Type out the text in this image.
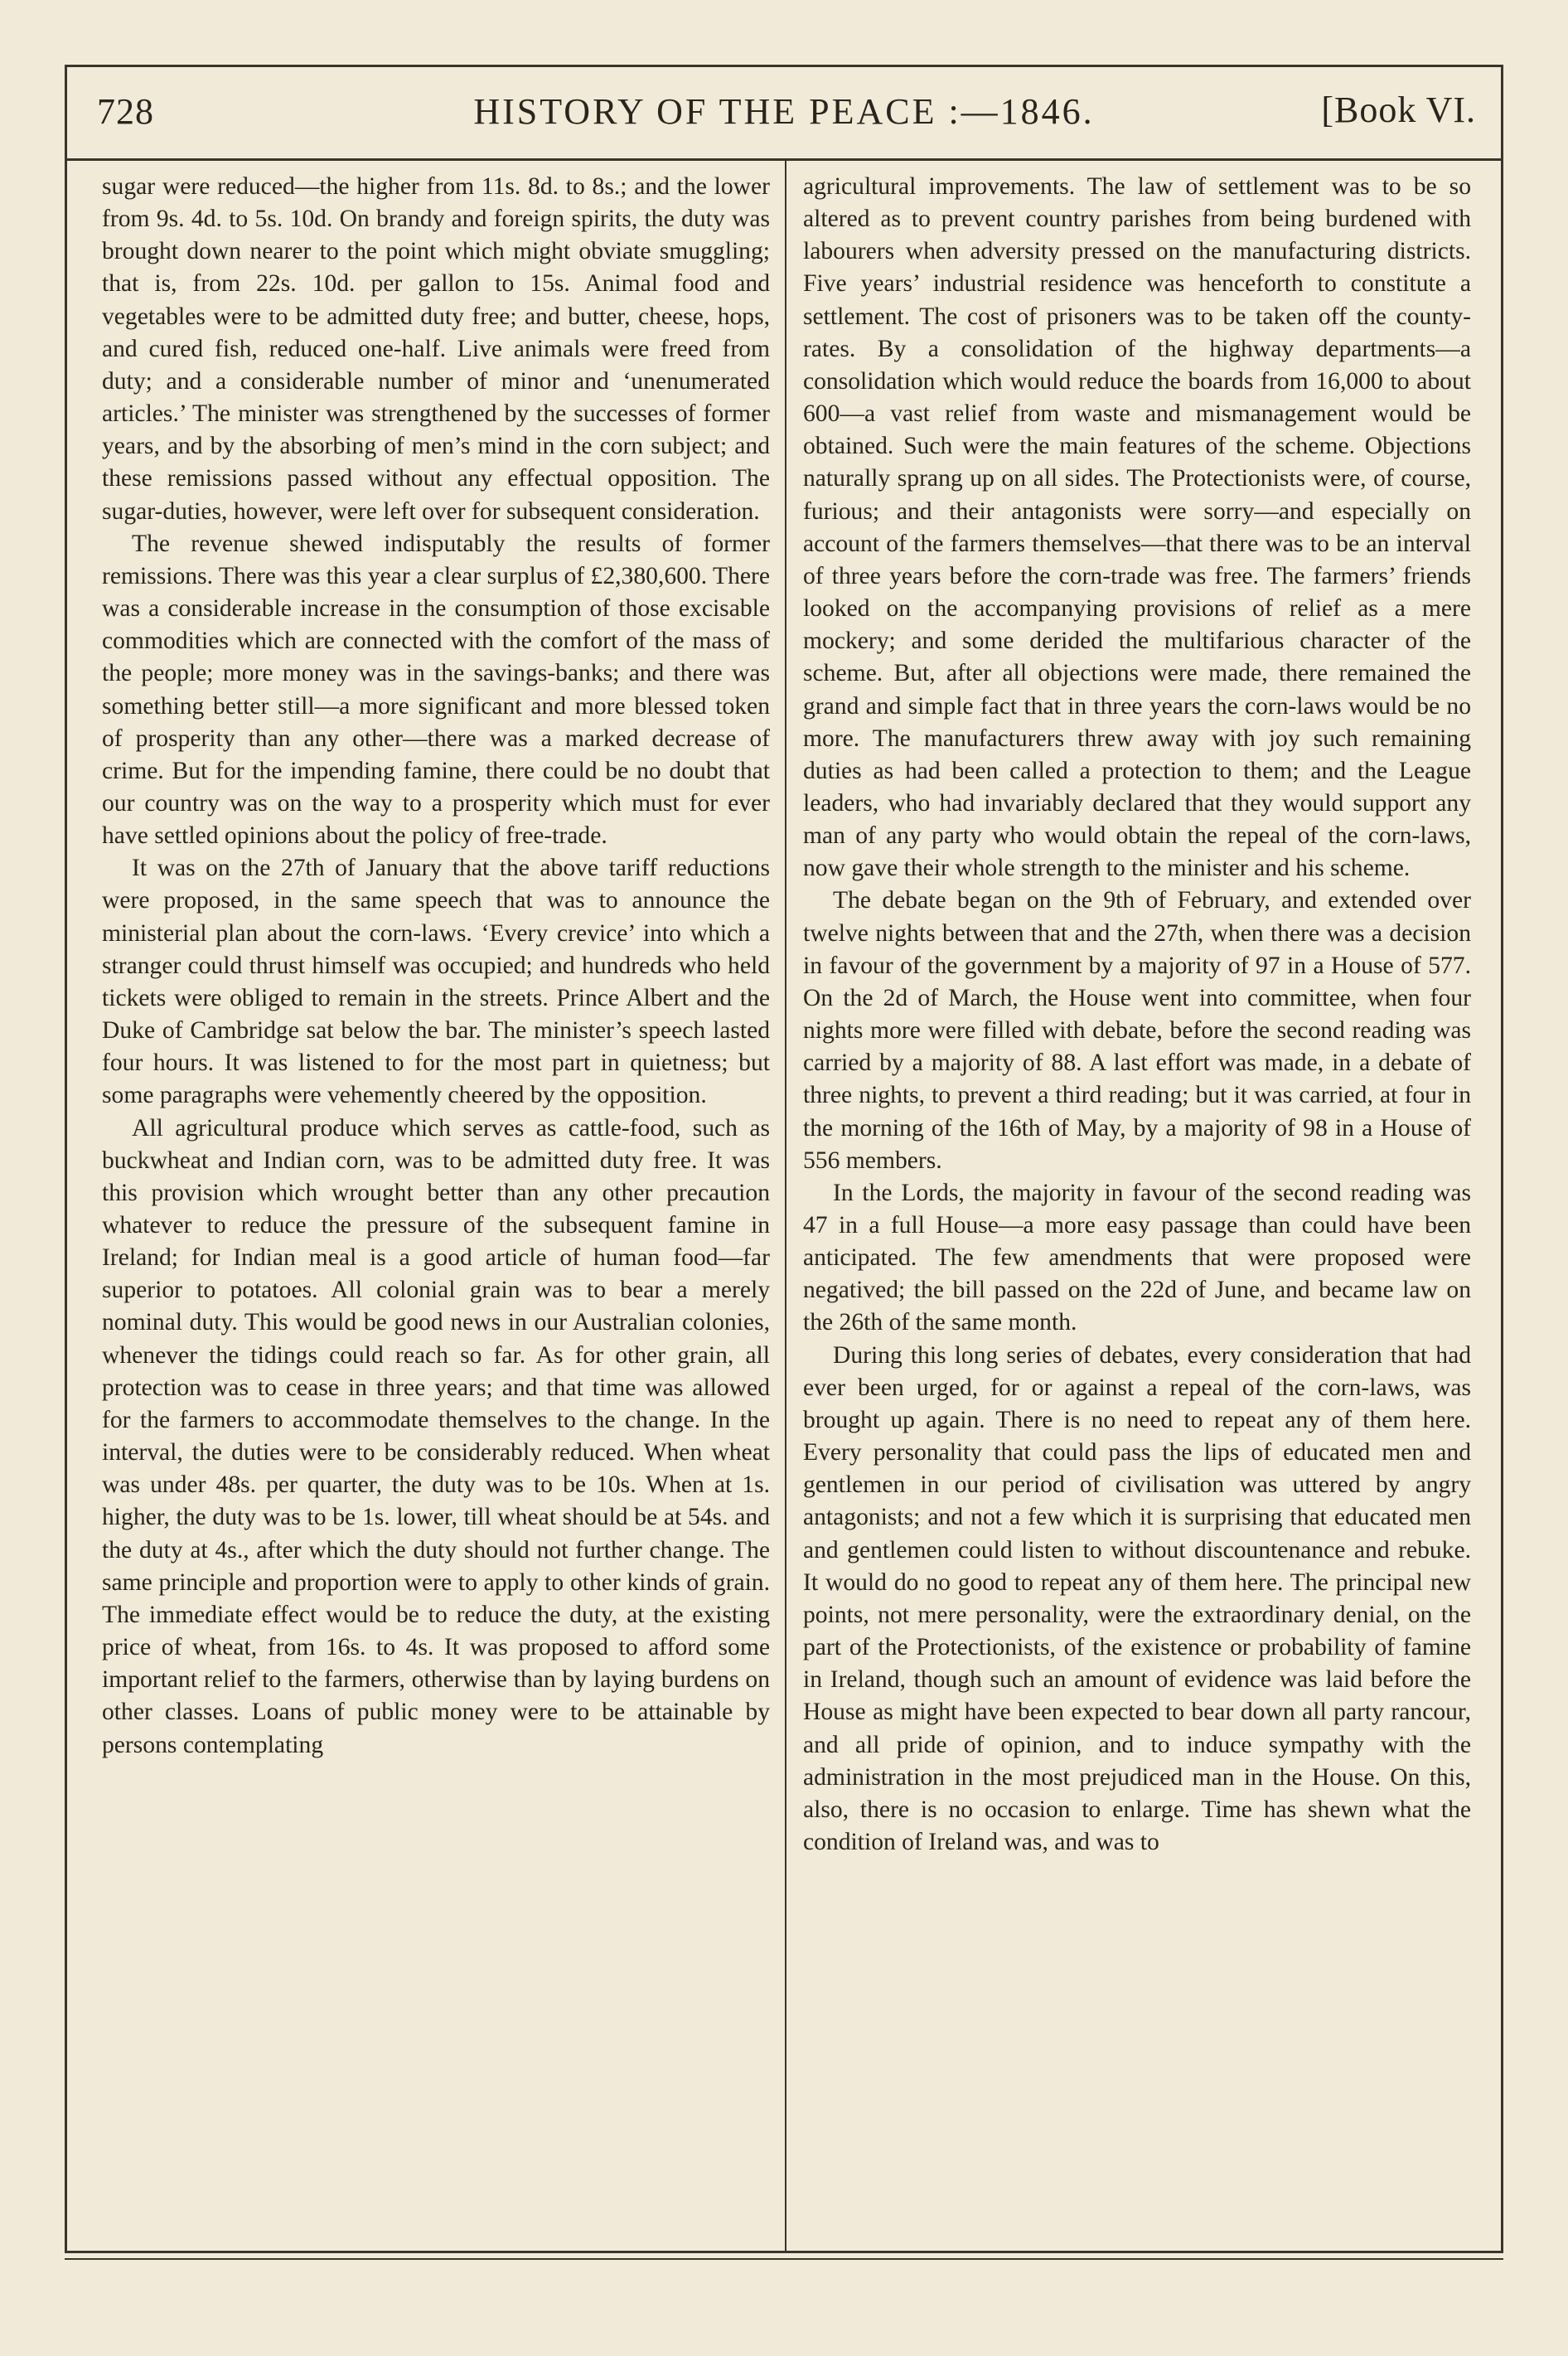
728	HISTORY OF THE PEACE :—1846.	[Book VI.

sugar were reduced—the higher from 11s. 8d. to 8s.; and the lower from 9s. 4d. to 5s. 10d. On brandy and foreign spirits, the duty was brought down nearer to the point which might obviate smuggling; that is, from 22s. 10d. per gallon to 15s. Animal food and vegetables were to be admitted duty free; and butter, cheese, hops, and cured fish, reduced one-half. Live animals were freed from duty; and a considerable number of minor and ‘unenumerated articles.’ The minister was strengthened by the successes of former years, and by the absorbing of men’s mind in the corn subject; and these remissions passed without any effectual opposition. The sugar-duties, however, were left over for subsequent consideration.

The revenue shewed indisputably the results of former remissions. There was this year a clear surplus of £2,380,600. There was a considerable increase in the consumption of those excisable commodities which are connected with the comfort of the mass of the people; more money was in the savings-banks; and there was something better still—a more significant and more blessed token of prosperity than any other—there was a marked decrease of crime. But for the impending famine, there could be no doubt that our country was on the way to a prosperity which must for ever have settled opinions about the policy of free-trade.

It was on the 27th of January that the above tariff reductions were proposed, in the same speech that was to announce the ministerial plan about the corn-laws. ‘Every crevice’ into which a stranger could thrust himself was occupied; and hundreds who held tickets were obliged to remain in the streets. Prince Albert and the Duke of Cambridge sat below the bar. The minister’s speech lasted four hours. It was listened to for the most part in quietness; but some paragraphs were vehemently cheered by the opposition.

All agricultural produce which serves as cattle-food, such as buckwheat and Indian corn, was to be admitted duty free. It was this provision which wrought better than any other precaution whatever to reduce the pressure of the subsequent famine in Ireland; for Indian meal is a good article of human food—far superior to potatoes. All colonial grain was to bear a merely nominal duty. This would be good news in our Australian colonies, whenever the tidings could reach so far. As for other grain, all protection was to cease in three years; and that time was allowed for the farmers to accommodate themselves to the change. In the interval, the duties were to be considerably reduced. When wheat was under 48s. per quarter, the duty was to be 10s. When at 1s. higher, the duty was to be 1s. lower, till wheat should be at 54s. and the duty at 4s., after which the duty should not further change. The same principle and proportion were to apply to other kinds of grain. The immediate effect would be to reduce the duty, at the existing price of wheat, from 16s. to 4s. It was proposed to afford some important relief to the farmers, otherwise than by laying burdens on other classes. Loans of public money were to be attainable by persons contemplating

agricultural improvements. The law of settlement was to be so altered as to prevent country parishes from being burdened with labourers when adversity pressed on the manufacturing districts. Five years’ industrial residence was henceforth to constitute a settlement. The cost of prisoners was to be taken off the county-rates. By a consolidation of the highway departments—a consolidation which would reduce the boards from 16,000 to about 600—a vast relief from waste and mismanagement would be obtained. Such were the main features of the scheme. Objections naturally sprang up on all sides. The Protectionists were, of course, furious; and their antagonists were sorry—and especially on account of the farmers themselves—that there was to be an interval of three years before the corn-trade was free. The farmers’ friends looked on the accompanying provisions of relief as a mere mockery; and some derided the multifarious character of the scheme. But, after all objections were made, there remained the grand and simple fact that in three years the corn-laws would be no more. The manufacturers threw away with joy such remaining duties as had been called a protection to them; and the League leaders, who had invariably declared that they would support any man of any party who would obtain the repeal of the corn-laws, now gave their whole strength to the minister and his scheme.

The debate began on the 9th of February, and extended over twelve nights between that and the 27th, when there was a decision in favour of the government by a majority of 97 in a House of 577. On the 2d of March, the House went into committee, when four nights more were filled with debate, before the second reading was carried by a majority of 88. A last effort was made, in a debate of three nights, to prevent a third reading; but it was carried, at four in the morning of the 16th of May, by a majority of 98 in a House of 556 members.

In the Lords, the majority in favour of the second reading was 47 in a full House—a more easy passage than could have been anticipated. The few amendments that were proposed were negatived; the bill passed on the 22d of June, and became law on the 26th of the same month.

During this long series of debates, every consideration that had ever been urged, for or against a repeal of the corn-laws, was brought up again. There is no need to repeat any of them here. Every personality that could pass the lips of educated men and gentlemen in our period of civilisation was uttered by angry antagonists; and not a few which it is surprising that educated men and gentlemen could listen to without discountenance and rebuke. It would do no good to repeat any of them here. The principal new points, not mere personality, were the extraordinary denial, on the part of the Protectionists, of the existence or probability of famine in Ireland, though such an amount of evidence was laid before the House as might have been expected to bear down all party rancour, and all pride of opinion, and to induce sympathy with the administration in the most prejudiced man in the House. On this, also, there is no occasion to enlarge. Time has shewn what the condition of Ireland was, and was to
